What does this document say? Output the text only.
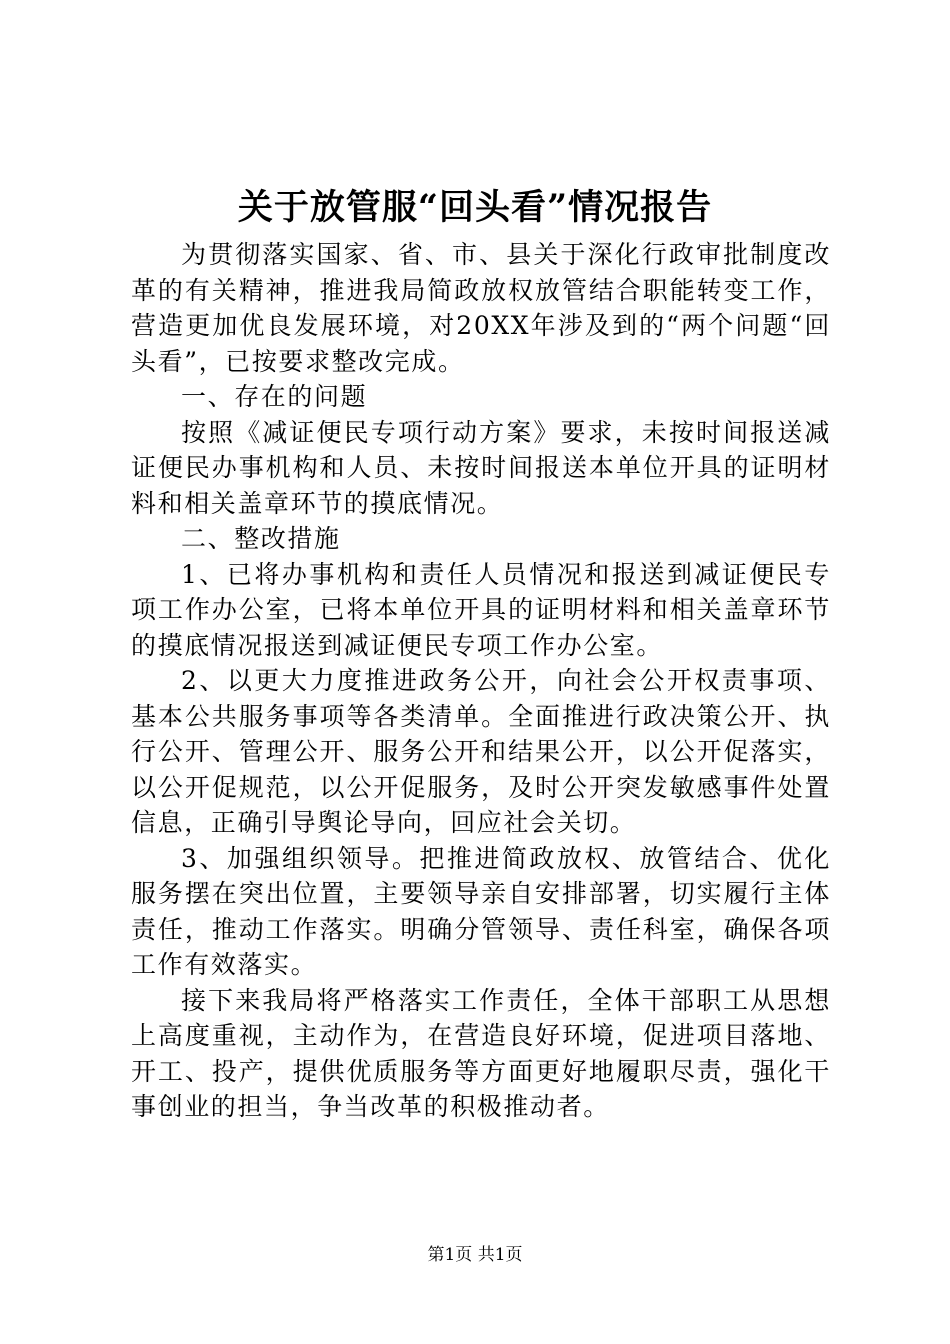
关于放管服“回头看”情况报告

为贯彻落实国家、省、市、县关于深化行政审批制度改革的有关精神，推进我局简政放权放管结合职能转变工作，营造更加优良发展环境，对20XX年涉及到的“两个问题“回头看”，已按要求整改完成。

一、存在的问题

按照《减证便民专项行动方案》要求，未按时间报送减证便民办事机构和人员、未按时间报送本单位开具的证明材料和相关盖章环节的摸底情况。

二、整改措施

1、已将办事机构和责任人员情况和报送到减证便民专项工作办公室，已将本单位开具的证明材料和相关盖章环节的摸底情况报送到减证便民专项工作办公室。

2、以更大力度推进政务公开，向社会公开权责事项、基本公共服务事项等各类清单。全面推进行政决策公开、执行公开、管理公开、服务公开和结果公开，以公开促落实，以公开促规范，以公开促服务，及时公开突发敏感事件处置信息，正确引导舆论导向，回应社会关切。

3、加强组织领导。把推进简政放权、放管结合、优化服务摆在突出位置，主要领导亲自安排部署，切实履行主体责任，推动工作落实。明确分管领导、责任科室，确保各项工作有效落实。

接下来我局将严格落实工作责任，全体干部职工从思想上高度重视，主动作为，在营造良好环境，促进项目落地、开工、投产，提供优质服务等方面更好地履职尽责，强化干事创业的担当，争当改革的积极推动者。

第1页 共1页
